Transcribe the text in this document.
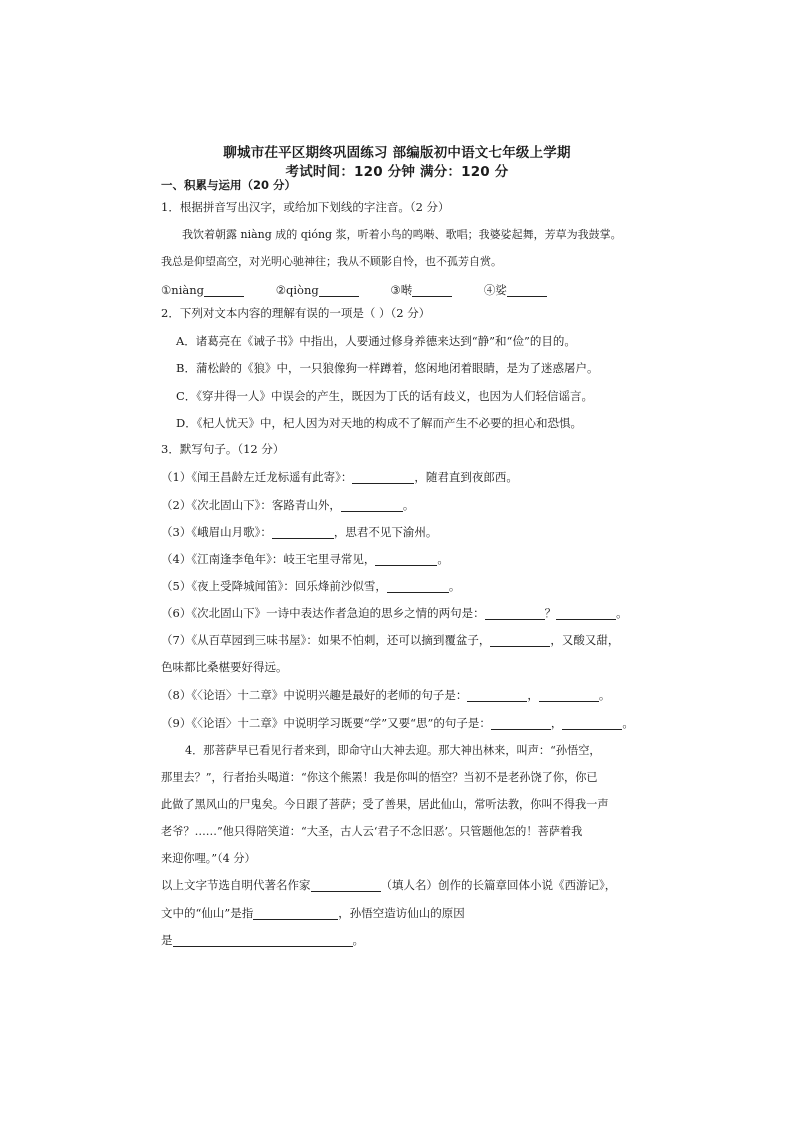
聊城市茌平区期终巩固练习 部编版初中语文七年级上学期
考试时间：120 分钟 满分：120 分
一、积累与运用（20 分）
1．根据拼音写出汉字，或给加下划线的字注音。（2 分）
我饮着朝露 niàng 成的 qióng 浆，听着小鸟的鸣啭、歌唱；我婆娑起舞，芳草为我鼓掌。
我总是仰望高空，对光明心驰神往；我从不顾影自怜，也不孤芳自赏。
①niàng	②qiòng	③啭	④娑
2．下列对文本内容的理解有误的一项是（ ）（2 分）
A．诸葛亮在《诫子书》中指出，人要通过修身养德来达到“静”和“俭”的目的。
B．蒲松龄的《狼》中，一只狼像狗一样蹲着，悠闲地闭着眼睛，是为了迷惑屠户。
C．《穿井得一人》中误会的产生，既因为丁氏的话有歧义，也因为人们轻信谣言。
D．《杞人忧天》中，杞人因为对天地的构成不了解而产生不必要的担心和恐惧。
3．默写句子。（12 分）
（1）《闻王昌龄左迁龙标遥有此寄》：	，随君直到夜郎西。
（2）《次北固山下》：客路青山外，	。
（3）《峨眉山月歌》：	，思君不见下渝州。
（4）《江南逢李龟年》：岐王宅里寻常见，	。
（5）《夜上受降城闻笛》：回乐烽前沙似雪，	。
（6）《次北固山下》一诗中表达作者急迫的思乡之情的两句是：	？	。
（7）《从百草园到三味书屋》：如果不怕刺，还可以摘到覆盆子，	，又酸又甜，
色味都比桑椹要好得远。
（8）《〈论语〉十二章》中说明兴趣是最好的老师的句子是：	，	。
（9）《〈论语〉十二章》中说明学习既要“学”又要“思”的句子是：	，	。
4．那菩萨早已看见行者来到，即命守山大神去迎。那大神出林来，叫声：“孙悟空，
那里去？”，行者抬头喝道：“你这个熊罴！我是你叫的悟空？当初不是老孙饶了你，你已
此做了黑风山的尸鬼矣。今日跟了菩萨；受了善果，居此仙山，常听法教，你叫不得我一声
老爷？……”他只得陪笑道：“大圣，古人云‘君子不念旧恶’。只管题他怎的！菩萨着我
来迎你哩。”（4 分）
以上文字节选自明代著名作家	（填人名）创作的长篇章回体小说《西游记》，
文中的“仙山”是指	，孙悟空造访仙山的原因
是	。
